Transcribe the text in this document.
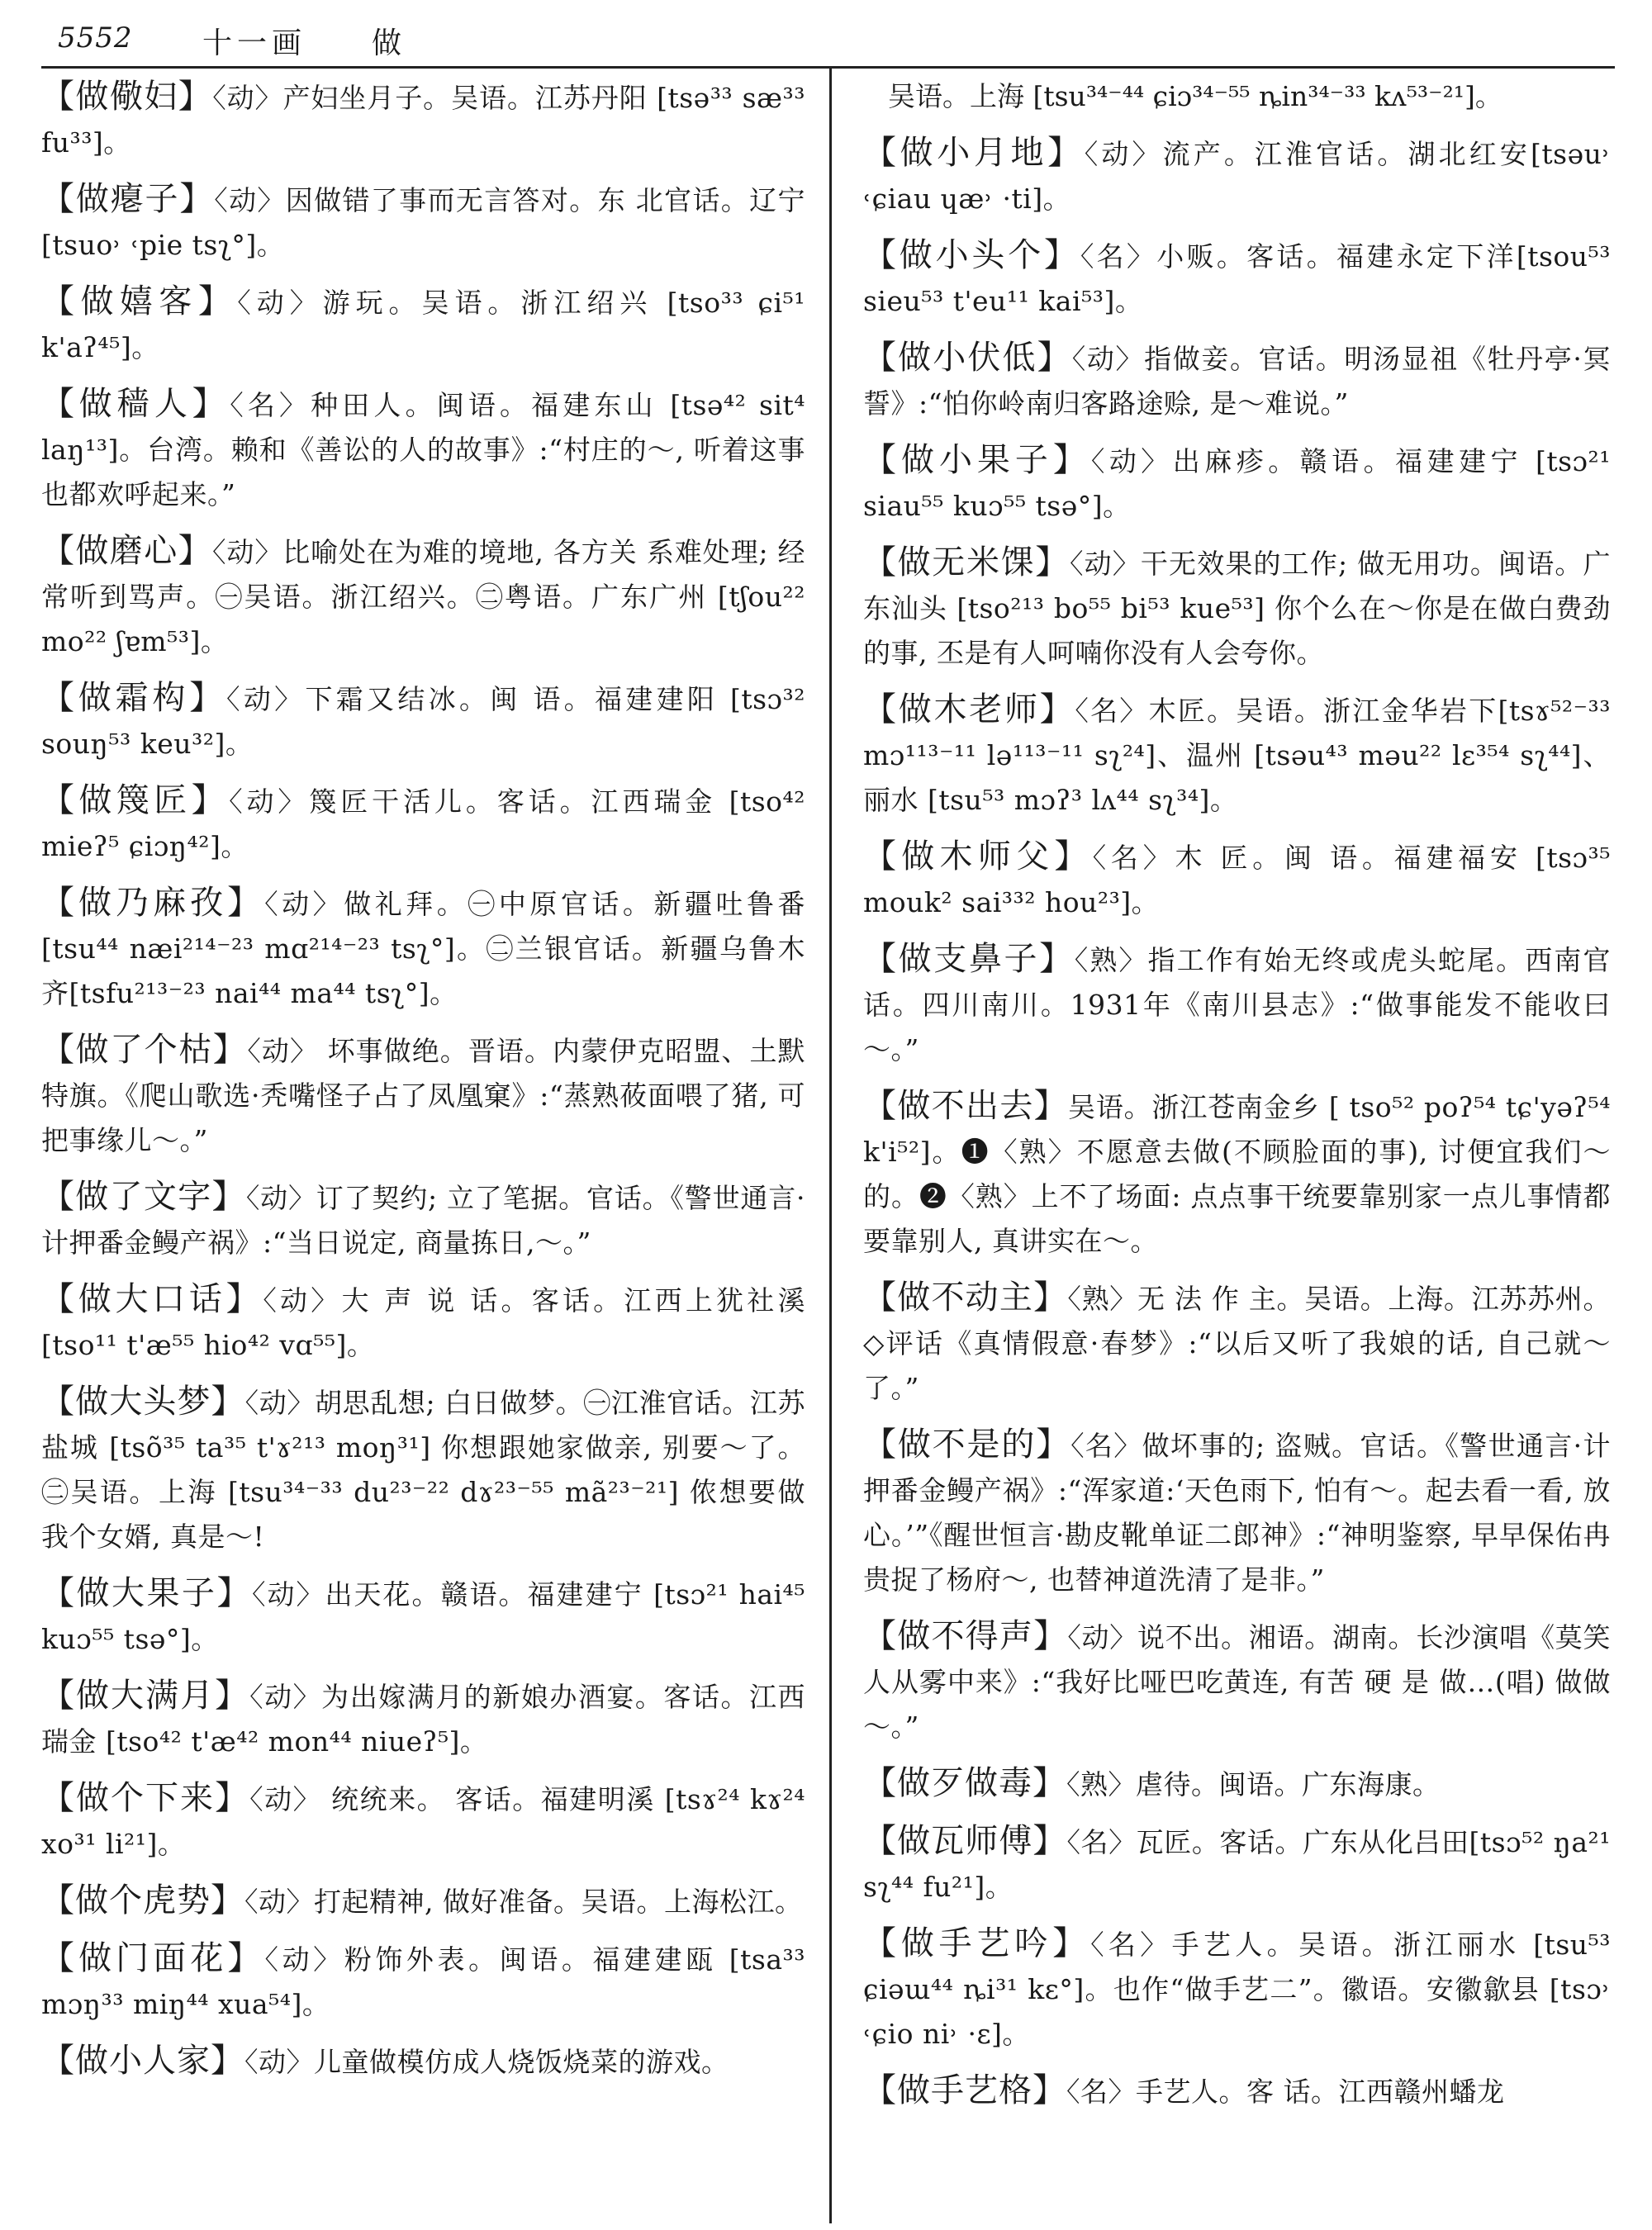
5552 十一画 做
【做儆妇】〈动〉产妇坐月子。吴语。江苏丹阳 [tsə³³ sæ³³ fu³³]。
【做瘪子】〈动〉因做错了事而无言答对。东 北官话。辽宁 [tsuo˒ ˓pie tsʅ°]。
【做嬉客】〈动〉游玩。吴语。浙江绍兴 [tso³³ ɕi⁵¹ k'aʔ⁴⁵]。
【做穑人】〈名〉种田人。闽语。福建东山 [tsə⁴² sit⁴ laŋ¹³]。台湾。赖和《善讼的人的故事》:“村庄的～, 听着这事也都欢呼起来。”
【做磨心】〈动〉比喻处在为难的境地, 各方关 系难处理; 经常听到骂声。㊀吴语。浙江绍兴。㊁粤语。广东广州 [tʃou²² mo²² ʃɐm⁵³]。
【做霜构】〈动〉下霜又结冰。闽 语。福建建阳 [tsɔ³² souŋ⁵³ keu³²]。
【做篾匠】〈动〉篾匠干活儿。客话。江西瑞金 [tso⁴² mieʔ⁵ ɕiɔŋ⁴²]。
【做乃麻孜】〈动〉做礼拜。㊀中原官话。新疆吐鲁番 [tsu⁴⁴ næi²¹⁴⁻²³ mɑ²¹⁴⁻²³ tsʅ°]。㊁兰银官话。新疆乌鲁木齐[tsfu²¹³⁻²³ nai⁴⁴ ma⁴⁴ tsʅ°]。
【做了个枯】〈动〉 坏事做绝。晋语。内蒙伊克昭盟、土默特旗。《爬山歌选·秃嘴怪子占了凤凰窠》:“蒸熟莜面喂了猪, 可把事缘儿～。”
【做了文字】〈动〉订了契约; 立了笔据。官话。《警世通言·计押番金鳗产祸》:“当日说定, 商量拣日,～。”
【做大口话】〈动〉大 声 说 话。客话。江西上犹社溪 [tso¹¹ t'æ⁵⁵ hio⁴² vɑ⁵⁵]。
【做大头梦】〈动〉胡思乱想; 白日做梦。㊀江淮官话。江苏盐城 [tsõ³⁵ ta³⁵ t'ɤ²¹³ moŋ³¹] 你想跟她家做亲, 别要～了。㊁吴语。上海 [tsu³⁴⁻³³ du²³⁻²² dɤ²³⁻⁵⁵ mã²³⁻²¹] 侬想要做我个女婿, 真是～!
【做大果子】〈动〉出天花。赣语。福建建宁 [tsɔ²¹ hai⁴⁵ kuɔ⁵⁵ tsə°]。
【做大满月】〈动〉为出嫁满月的新娘办酒宴。客话。江西瑞金 [tso⁴² t'æ⁴² mon⁴⁴ niueʔ⁵]。
【做个下来】〈动〉 统统来。 客话。福建明溪 [tsɤ²⁴ kɤ²⁴ xo³¹ li²¹]。
【做个虎势】〈动〉打起精神, 做好准备。吴语。上海松江。
【做门面花】〈动〉粉饰外表。闽语。福建建瓯 [tsa³³ mɔŋ³³ miŋ⁴⁴ xua⁵⁴]。
【做小人家】〈动〉儿童做模仿成人烧饭烧菜的游戏。
吴语。上海 [tsu³⁴⁻⁴⁴ ɕiɔ³⁴⁻⁵⁵ ȵin³⁴⁻³³ kʌ⁵³⁻²¹]。
【做小月地】〈动〉流产。江淮官话。湖北红安[tsəu˒ ˓ɕiau ɥæ˒ ·ti]。
【做小头个】〈名〉小贩。客话。福建永定下洋[tsou⁵³ sieu⁵³ t'eu¹¹ kai⁵³]。
【做小伏低】〈动〉指做妾。官话。明汤显祖《牡丹亭·冥誓》:“怕你岭南归客路途赊, 是～难说。”
【做小果子】〈动〉出麻疹。赣语。福建建宁 [tsɔ²¹ siau⁵⁵ kuɔ⁵⁵ tsə°]。
【做无米馃】〈动〉干无效果的工作; 做无用功。闽语。广东汕头 [tso²¹³ bo⁵⁵ bi⁵³ kue⁵³] 你个么在～你是在做白费劲的事, 丕是有人呵喃你没有人会夸你。
【做木老师】〈名〉木匠。吴语。浙江金华岩下[tsɤ⁵²⁻³³ mɔ¹¹³⁻¹¹ lə¹¹³⁻¹¹ sʅ²⁴]、温州 [tsəu⁴³ məu²² lɛ³⁵⁴ sʅ⁴⁴]、丽水 [tsu⁵³ mɔʔ³ lʌ⁴⁴ sʅ³⁴]。
【做木师父】〈名〉木 匠。闽 语。福建福安 [tsɔ³⁵ mouk² sai³³² hou²³]。
【做支鼻子】〈熟〉指工作有始无终或虎头蛇尾。西南官话。四川南川。1931年《南川县志》:“做事能发不能收曰～。”
【做不出去】吴语。浙江苍南金乡 [ tso⁵² poʔ⁵⁴ tɕ'yəʔ⁵⁴ k'i⁵²]。❶〈熟〉不愿意去做(不顾脸面的事), 讨便宜我们～的。❷〈熟〉上不了场面: 点点事干统要靠别家一点儿事情都要靠别人, 真讲实在～。
【做不动主】〈熟〉无 法 作 主。吴语。上海。江苏苏州。◇评话《真情假意·春梦》:“以后又听了我娘的话, 自己就～了。”
【做不是的】〈名〉做坏事的; 盗贼。官话。《警世通言·计押番金鳗产祸》:“浑家道:‘天色雨下, 怕有～。起去看一看, 放心。’”《醒世恒言·勘皮靴单证二郎神》:“神明鉴察, 早早保佑冉贵捉了杨府～, 也替神道洗清了是非。”
【做不得声】〈动〉说不出。湘语。湖南。长沙演唱《莫笑人从雾中来》:“我好比哑巴吃黄连, 有苦 硬 是 做…(唱) 做做～。”
【做歹做毒】〈熟〉虐待。闽语。广东海康。
【做瓦师傅】〈名〉瓦匠。客话。广东从化吕田[tsɔ⁵² ŋa²¹ sʅ⁴⁴ fu²¹]。
【做手艺吟】〈名〉手艺人。吴语。浙江丽水 [tsu⁵³ ɕiəɯ⁴⁴ ȵi³¹ kɛ°]。也作“做手艺二”。徽语。安徽歙县 [tsɔ˒ ˓ɕio ni˒ ·ɛ]。
【做手艺格】〈名〉手艺人。客 话。江西赣州蟠龙
